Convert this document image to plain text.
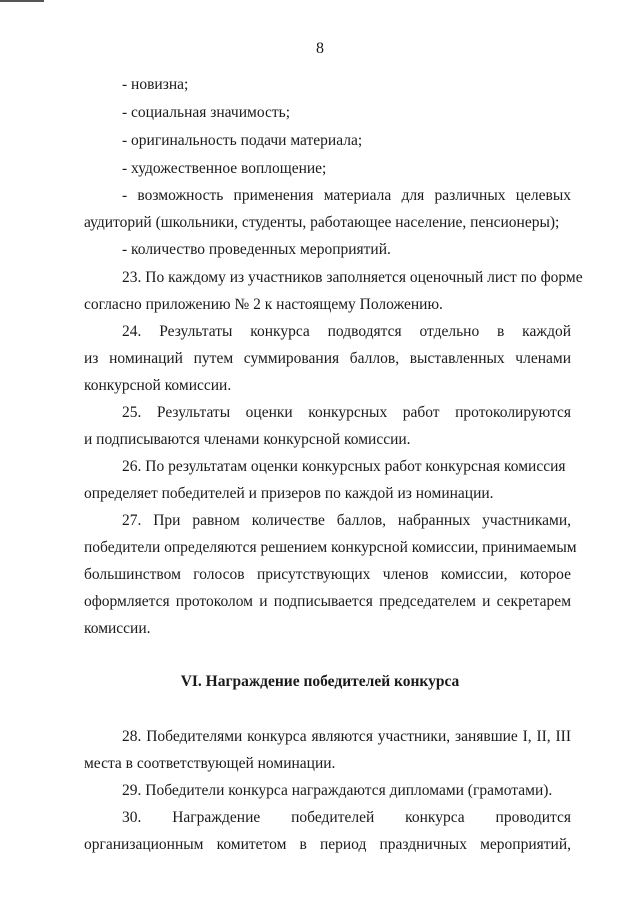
8
- новизна;
- социальная значимость;
- оригинальность подачи материала;
- художественное воплощение;
- возможность применения материала для различных целевых
аудиторий (школьники, студенты, работающее население, пенсионеры);
- количество проведенных мероприятий.
23. По каждому из участников заполняется оценочный лист по форме
согласно приложению № 2 к настоящему Положению.
24. Результаты конкурса подводятся отдельно в каждой
из номинаций путем суммирования баллов, выставленных членами
конкурсной комиссии.
25. Результаты оценки конкурсных работ протоколируются
и подписываются членами конкурсной комиссии.
26. По результатам оценки конкурсных работ конкурсная комиссия
определяет победителей и призеров по каждой из номинации.
27. При равном количестве баллов, набранных участниками,
победители определяются решением конкурсной комиссии, принимаемым
большинством голосов присутствующих членов комиссии, которое
оформляется протоколом и подписывается председателем и секретарем
комиссии.
VI. Награждение победителей конкурса
28. Победителями конкурса являются участники, занявшие I, II, III
места в соответствующей номинации.
29. Победители конкурса награждаются дипломами (грамотами).
30. Награждение победителей конкурса проводится
организационным комитетом в период праздничных мероприятий,
